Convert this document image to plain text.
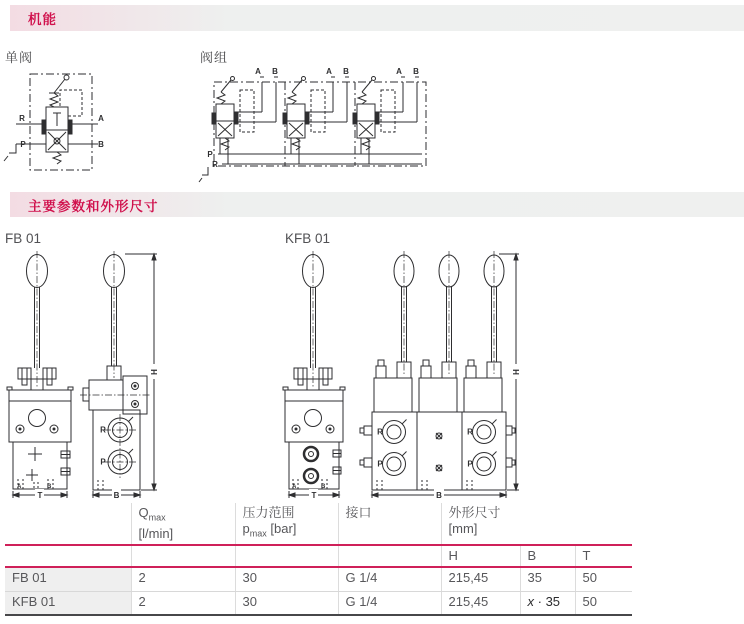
机能
单阀	阀组
R
P
A
B
A B	A B	A B
P
R
主要参数和外形尺寸
FB 01	KFB 01
A	B
R
P
T	B
H
A	B
R
P
R
P
T	B
H

$Q_{max}$
[l/min]

压力范围
$p_{max}$ [bar]

接口	外形尺寸
[mm]

				H	B	T
FB 01	2	30	G 1/4	215,45	35	50
KFB 01	2	30	G 1/4	215,45	x · 35	50
